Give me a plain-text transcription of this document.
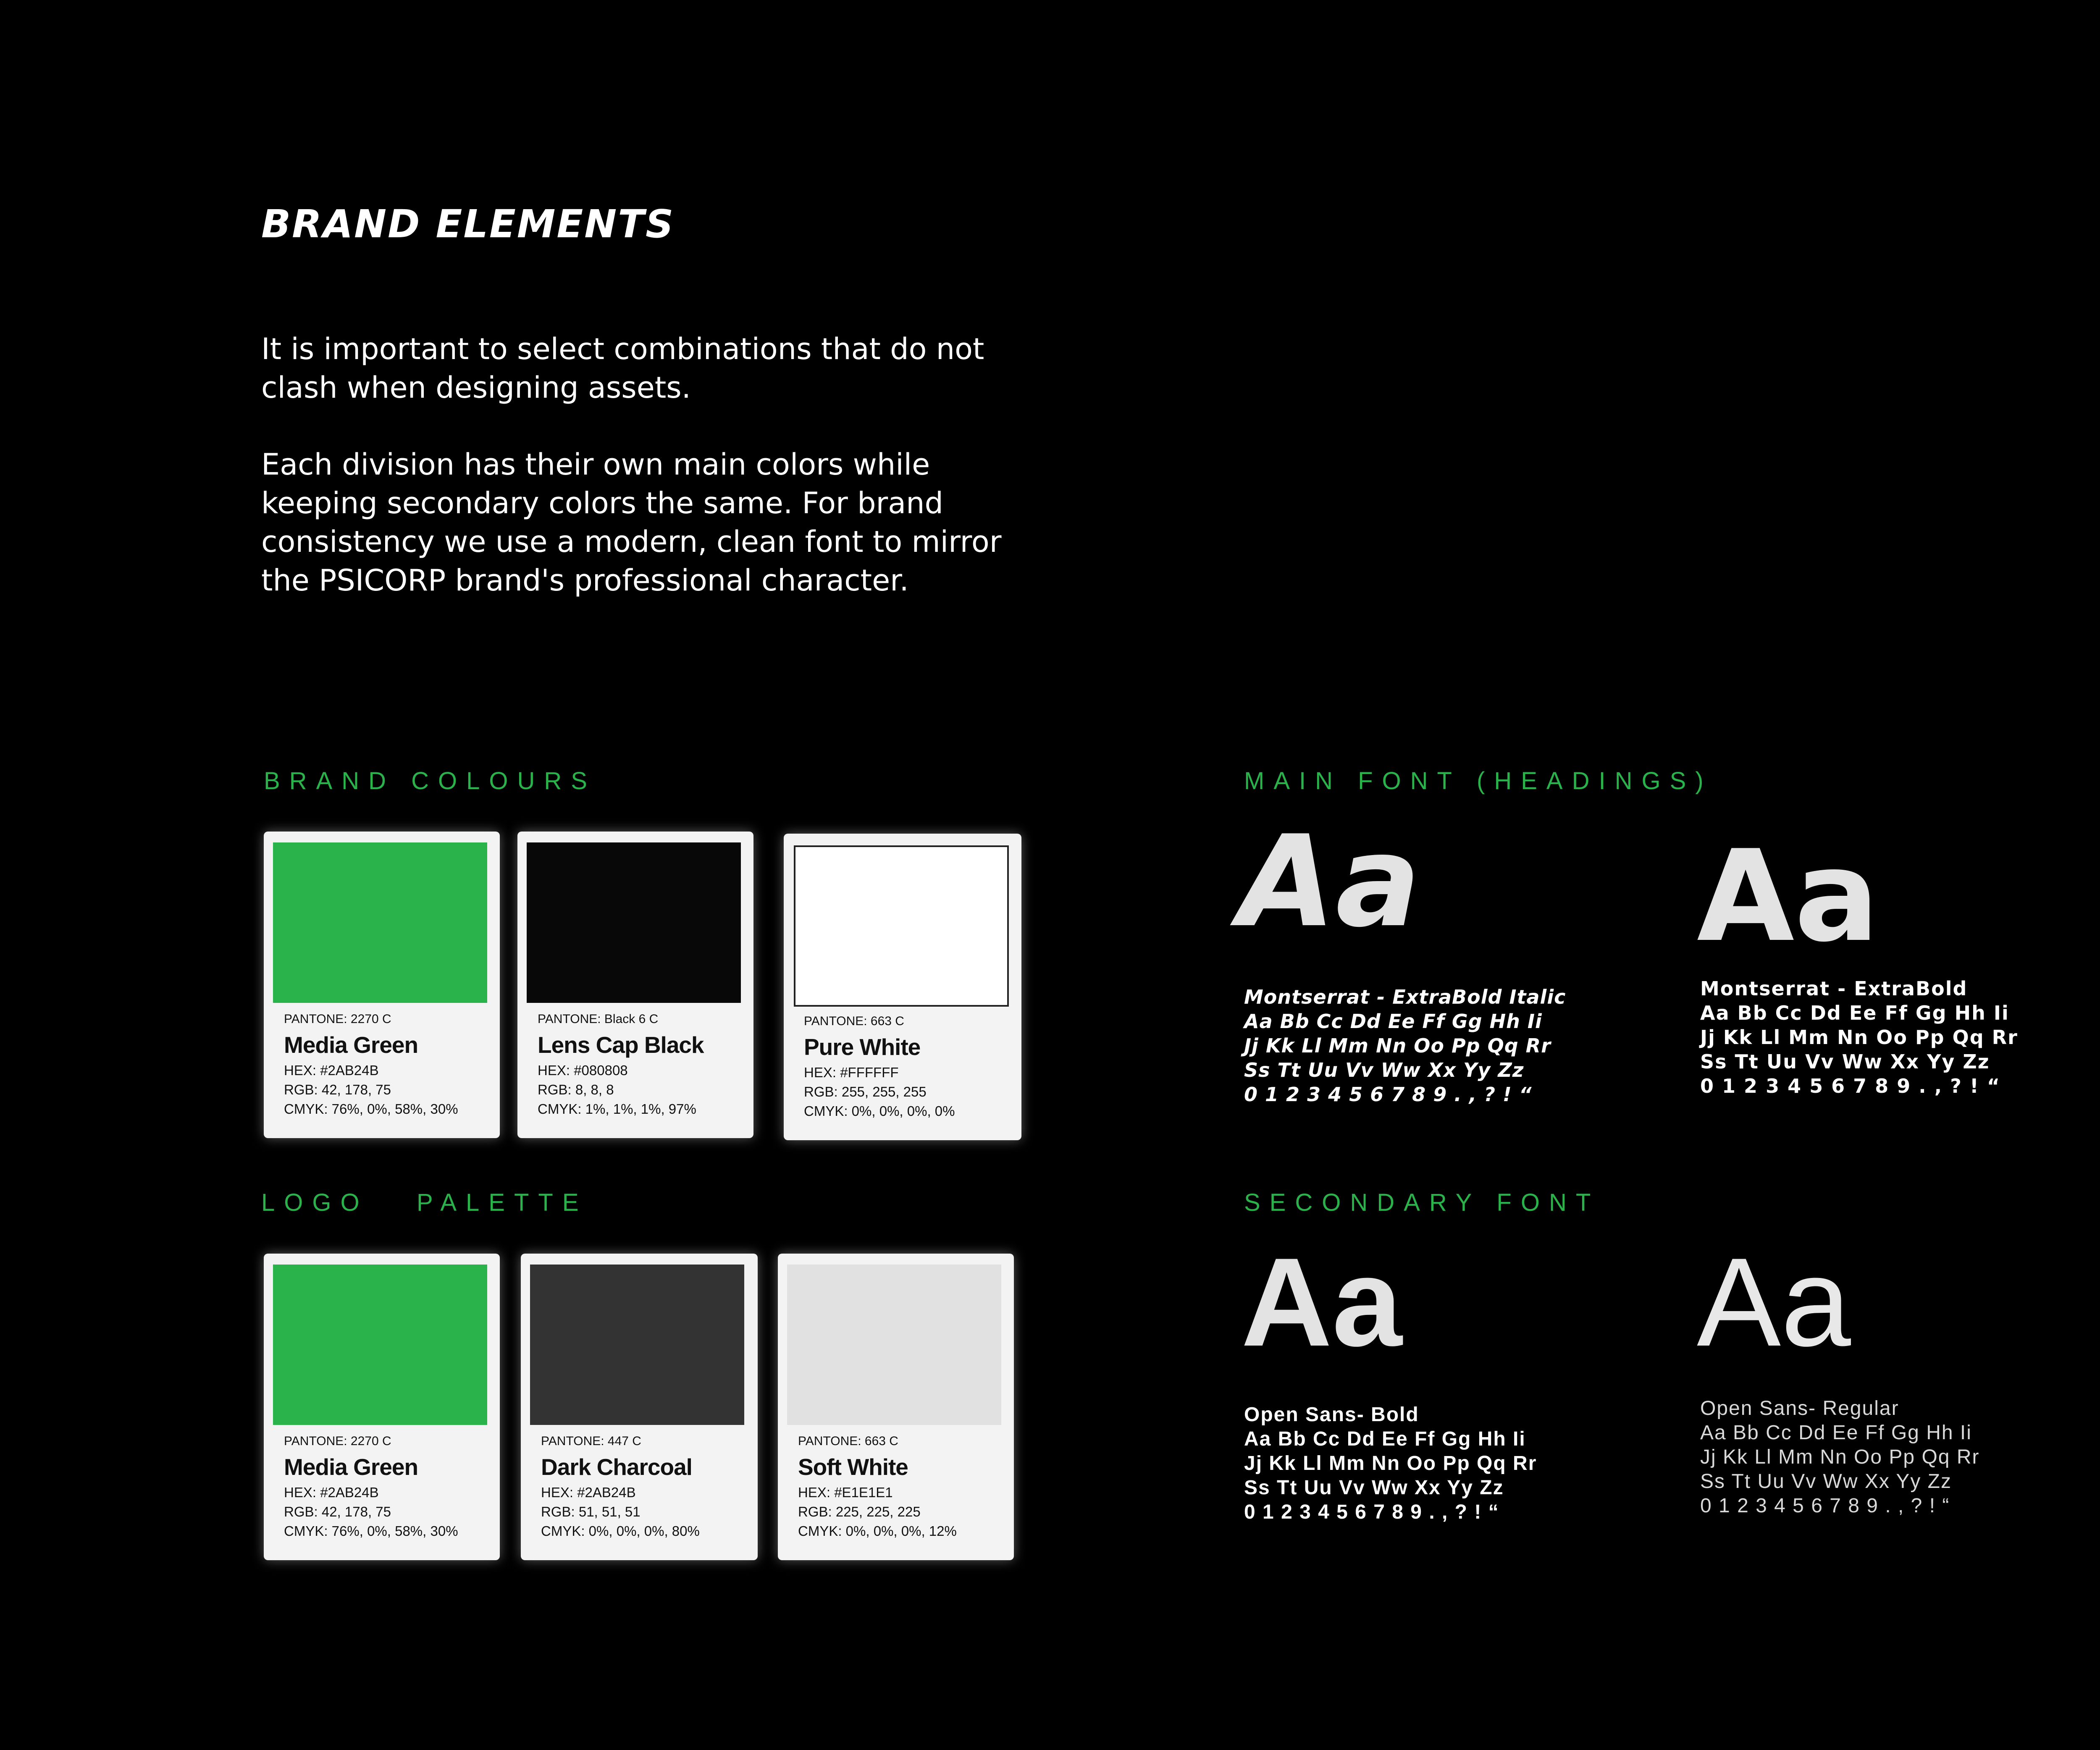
BRAND ELEMENTS

It is important to select combinations that do not clash when designing assets.

Each division has their own main colors while keeping secondary colors the same. For brand consistency we use a modern, clean font to mirror the PSICORP brand's professional character.

BRAND COLOURS
PANTONE: 2270 C
Media Green
HEX: #2AB24B
RGB: 42, 178, 75
CMYK: 76%, 0%, 58%, 30%
PANTONE: Black 6 C
Lens Cap Black
HEX: #080808
RGB: 8, 8, 8
CMYK: 1%, 1%, 1%, 97%
PANTONE: 663 C
Pure White
HEX: #FFFFFF
RGB: 255, 255, 255
CMYK: 0%, 0%, 0%, 0%
LOGO   PALETTE
PANTONE: 2270 C
Media Green
HEX: #2AB24B
RGB: 42, 178, 75
CMYK: 76%, 0%, 58%, 30%
PANTONE: 447 C
Dark Charcoal
HEX: #2AB24B
RGB: 51, 51, 51
CMYK: 0%, 0%, 0%, 80%
PANTONE: 663 C
Soft White
HEX: #E1E1E1
RGB: 225, 225, 225
CMYK: 0%, 0%, 0%, 12%
MAIN FONT (HEADINGS)
Aa
Montserrat - ExtraBold Italic
Aa Bb Cc Dd Ee Ff Gg Hh Ii
Jj Kk Ll Mm Nn Oo Pp Qq Rr
Ss Tt Uu Vv Ww Xx Yy Zz
0 1 2 3 4 5 6 7 8 9 . , ? ! “
Aa
Montserrat - ExtraBold
Aa Bb Cc Dd Ee Ff Gg Hh Ii
Jj Kk Ll Mm Nn Oo Pp Qq Rr
Ss Tt Uu Vv Ww Xx Yy Zz
0 1 2 3 4 5 6 7 8 9 . , ? ! “
SECONDARY FONT
Aa
Open Sans- Bold
Aa Bb Cc Dd Ee Ff Gg Hh Ii
Jj Kk Ll Mm Nn Oo Pp Qq Rr
Ss Tt Uu Vv Ww Xx Yy Zz
0 1 2 3 4 5 6 7 8 9 . , ? ! “
Aa
Open Sans- Regular
Aa Bb Cc Dd Ee Ff Gg Hh Ii
Jj Kk Ll Mm Nn Oo Pp Qq Rr
Ss Tt Uu Vv Ww Xx Yy Zz
0 1 2 3 4 5 6 7 8 9 . , ? ! “
